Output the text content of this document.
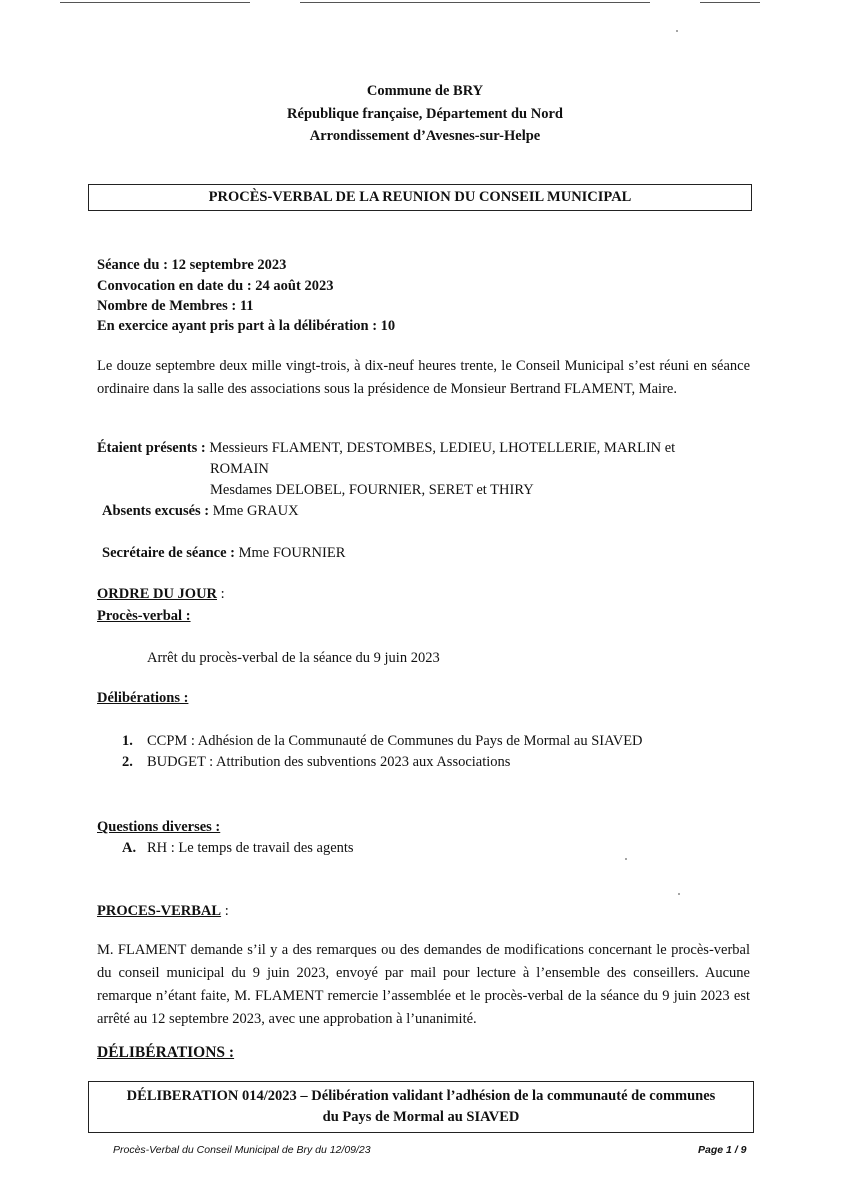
Commune de BRY
République française, Département du Nord
Arrondissement d’Avesnes-sur-Helpe
PROCÈS-VERBAL DE LA REUNION DU CONSEIL MUNICIPAL
Séance du : 12 septembre 2023
Convocation en date du : 24 août 2023
Nombre de Membres : 11
En exercice ayant pris part à la délibération : 10
Le douze septembre deux mille vingt-trois, à dix-neuf heures trente, le Conseil Municipal s’est réuni en séance ordinaire dans la salle des associations sous la présidence de Monsieur Bertrand FLAMENT, Maire.
Étaient présents : Messieurs FLAMENT, DESTOMBES, LEDIEU, LHOTELLERIE, MARLIN et
ROMAIN
Mesdames DELOBEL, FOURNIER, SERET et THIRY
Absents excusés : Mme GRAUX
Secrétaire de séance : Mme FOURNIER
ORDRE DU JOUR :
Procès-verbal :
Arrêt du procès-verbal de la séance du 9 juin 2023
Délibérations :
1. CCPM : Adhésion de la Communauté de Communes du Pays de Mormal au SIAVED
2. BUDGET : Attribution des subventions 2023 aux Associations
Questions diverses :
A. RH : Le temps de travail des agents
PROCES-VERBAL :
M. FLAMENT demande s’il y a des remarques ou des demandes de modifications concernant le procès-verbal du conseil municipal du 9 juin 2023, envoyé par mail pour lecture à l’ensemble des conseillers. Aucune remarque n’étant faite, M. FLAMENT remercie l’assemblée et le procès-verbal de la séance du 9 juin 2023 est arrêté au 12 septembre 2023, avec une approbation à l’unanimité.
DÉLIBÉRATIONS :
DÉLIBERATION 014/2023 – Délibération validant l’adhésion de la communauté de communes
du Pays de Mormal au SIAVED
Procès-Verbal du Conseil Municipal de Bry du 12/09/23	Page 1 / 9
